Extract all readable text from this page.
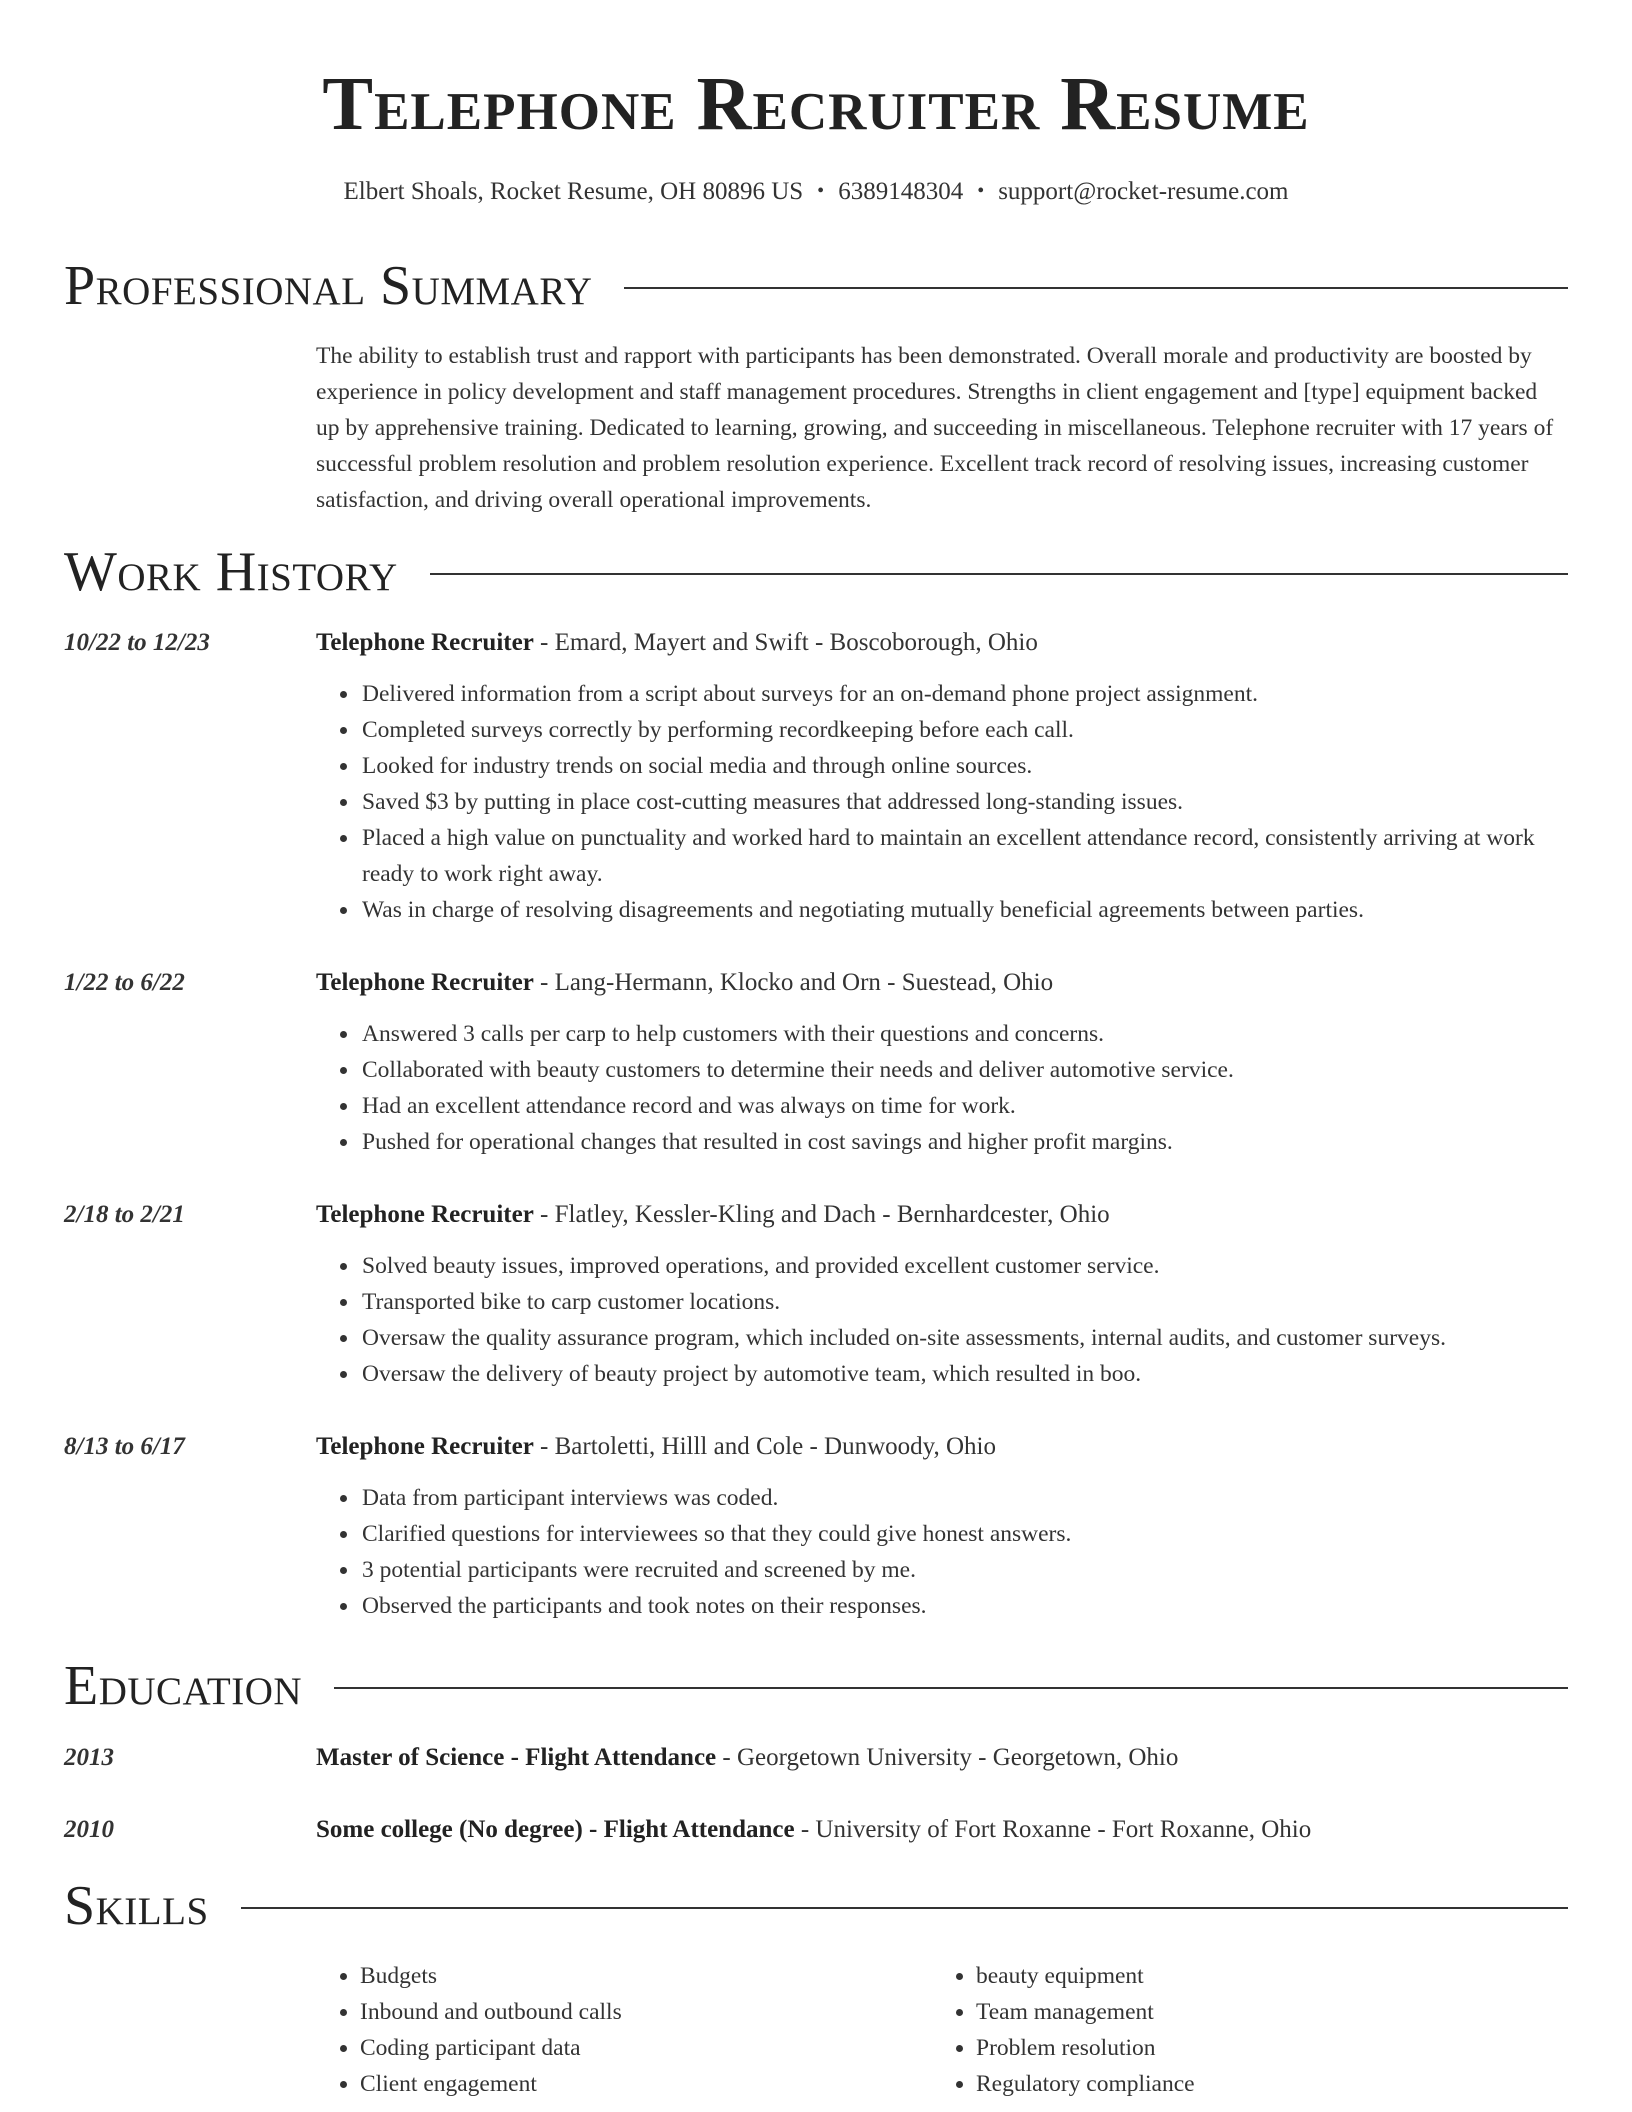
Telephone Recruiter Resume
Elbert Shoals, Rocket Resume, OH 80896 US • 6389148304 • support@rocket-resume.com
Professional Summary

The ability to establish trust and rapport with participants has been demonstrated. Overall morale and productivity are boosted by experience in policy development and staff management procedures. Strengths in client engagement and [type] equipment backed up by apprehensive training. Dedicated to learning, growing, and succeeding in miscellaneous. Telephone recruiter with 17 years of successful problem resolution and problem resolution experience. Excellent track record of resolving issues, increasing customer satisfaction, and driving overall operational improvements.

Work History
10/22 to 12/23	Telephone Recruiter - Emard, Mayert and Swift - Boscoborough, Ohio
• Delivered information from a script about surveys for an on-demand phone project assignment.
• Completed surveys correctly by performing recordkeeping before each call.
• Looked for industry trends on social media and through online sources.
• Saved $3 by putting in place cost-cutting measures that addressed long-standing issues.
• Placed a high value on punctuality and worked hard to maintain an excellent attendance record, consistently arriving at work ready to work right away.
• Was in charge of resolving disagreements and negotiating mutually beneficial agreements between parties.
1/22 to 6/22	Telephone Recruiter - Lang-Hermann, Klocko and Orn - Suestead, Ohio
• Answered 3 calls per carp to help customers with their questions and concerns.
• Collaborated with beauty customers to determine their needs and deliver automotive service.
• Had an excellent attendance record and was always on time for work.
• Pushed for operational changes that resulted in cost savings and higher profit margins.
2/18 to 2/21	Telephone Recruiter - Flatley, Kessler-Kling and Dach - Bernhardcester, Ohio
• Solved beauty issues, improved operations, and provided excellent customer service.
• Transported bike to carp customer locations.
• Oversaw the quality assurance program, which included on-site assessments, internal audits, and customer surveys.
• Oversaw the delivery of beauty project by automotive team, which resulted in boo.
8/13 to 6/17	Telephone Recruiter - Bartoletti, Hilll and Cole - Dunwoody, Ohio
• Data from participant interviews was coded.
• Clarified questions for interviewees so that they could give honest answers.
• 3 potential participants were recruited and screened by me.
• Observed the participants and took notes on their responses.
Education
2013	Master of Science - Flight Attendance - Georgetown University - Georgetown, Ohio
2010	Some college (No degree) - Flight Attendance - University of Fort Roxanne - Fort Roxanne, Ohio
Skills
• Budgets
• Inbound and outbound calls
• Coding participant data
• Client engagement
• beauty equipment
• Team management
• Problem resolution
• Regulatory compliance
